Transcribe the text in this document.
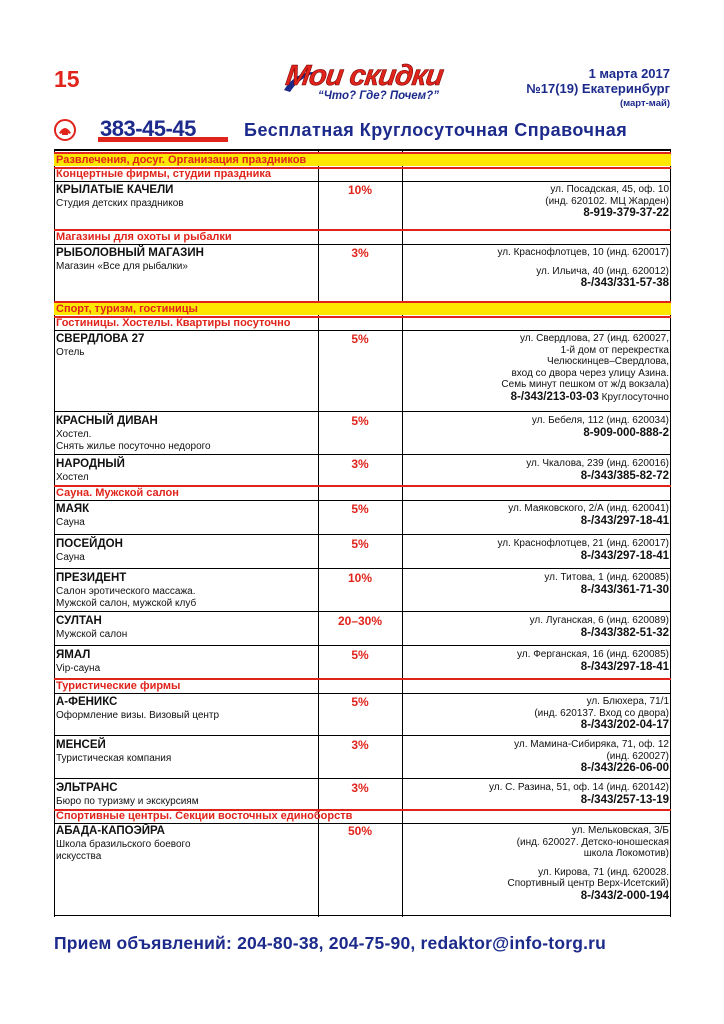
15	Мои скидки
“Что? Где? Почем?”
1 марта 2017
№17(19) Екатеринбург
(март-май)
383-45-45	Бесплатная Круглосуточная Справочная
Развлечения, досуг. Организация праздников
Концертные фирмы, студии праздника
КРЫЛАТЫЕ КАЧЕЛИ
Студия детских праздников
10%	ул. Посадская, 45, оф. 10
(инд. 620102. МЦ Жарден)
8-919-379-37-22
Магазины для охоты и рыбалки
РЫБОЛОВНЫЙ МАГАЗИН
Магазин «Все для рыбалки»
3%	ул. Краснофлотцев, 10 (инд. 620017)
ул. Ильича, 40 (инд. 620012)
8-/343/331-57-38
Спорт, туризм, гостиницы
Гостиницы. Хостелы. Квартиры посуточно
СВЕРДЛОВА 27
Отель
5%	ул. Свердлова, 27 (инд. 620027,
1-й дом от перекрестка
Челюскинцев–Свердлова,
вход со двора через улицу Азина.
Семь минут пешком от ж/д вокзала)
8-/343/213-03-03 Круглосуточно
КРАСНЫЙ ДИВАН
Хостел.
Снять жилье посуточно недорого
5%	ул. Бебеля, 112 (инд. 620034)
8-909-000-888-2
НАРОДНЫЙ
Хостел
3%	ул. Чкалова, 239 (инд. 620016)
8-/343/385-82-72
Сауна. Мужской салон
МАЯК
Сауна
5%	ул. Маяковского, 2/А (инд. 620041)
8-/343/297-18-41
ПОСЕЙДОН
Сауна
5%	ул. Краснофлотцев, 21 (инд. 620017)
8-/343/297-18-41
ПРЕЗИДЕНТ
Салон эротического массажа.
Мужской салон, мужской клуб
10%	ул. Титова, 1 (инд. 620085)
8-/343/361-71-30
СУЛТАН
Мужской салон
20–30%	ул. Луганская, 6 (инд. 620089)
8-/343/382-51-32
ЯМАЛ
Vip-сауна
5%	ул. Ферганская, 16 (инд. 620085)
8-/343/297-18-41
Туристические фирмы
А-ФЕНИКС
Оформление визы. Визовый центр
5%	ул. Блюхера, 71/1
(инд. 620137. Вход со двора)
8-/343/202-04-17
МЕНСЕЙ
Туристическая компания
3%	ул. Мамина-Сибиряка, 71, оф. 12
(инд. 620027)
8-/343/226-06-00
ЭЛЬТРАНС
Бюро по туризму и экскурсиям
3%	ул. С. Разина, 51, оф. 14 (инд. 620142)
8-/343/257-13-19
Спортивные центры. Секции восточных единоборств
АБАДА-КАПОЭЙРА
Школа бразильского боевого
искусства
50%	ул. Мельковская, 3/Б
(инд. 620027. Детско-юношеская
школа Локомотив)
ул. Кирова, 71 (инд. 620028.
Спортивный центр Верх-Исетский)
8-/343/2-000-194
Прием объявлений: 204-80-38, 204-75-90, redaktor@info-torg.ru
